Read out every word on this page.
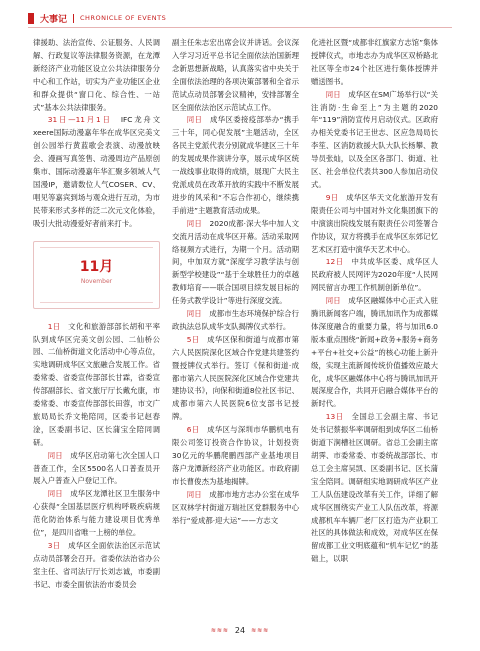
大事记 CHRONICLE OF EVENTS

律援助、法治宣传、公证服务、人民调解、行政复议等法律服务资源，在龙潭新经济产业功能区设立公共法律服务分中心和工作站，切实为产业功能区企业和群众提供“窗口化、综合性、一站式”基本公共法律服务。

31日—11月1日　 IFC龙舟文xeere国际动漫嘉年华在成华区完美文创公园举行黄蓝歌会表演、动漫放映会、漫画写真签售、动漫周边产品原创集市、国际动漫嘉年华汇聚多领域人气国漫IP，邀请数位人气COSER、CV、唱见等嘉宾到场与观众进行互动，为市民带来形式多样的泛二次元文化体验，吸引大批动漫爱好者前来打卡。

11月
November

1日　 文化和旅游部部长胡和平率队到成华区完美文创公园、二仙桥公园、二仙桥街道文化活动中心等点位，实地调研成华区文旅融合发展工作。省委常委、省委宣传部部长甘霖，省委宣传部副部长、省文旅厅厅长戴允康，市委常委、市委宣传部部长田蓉，市文广旅局局长乔文艳陪同，区委书记赵春淦，区委副书记、区长蒲宝全陪同调研。

同日　 成华区启动第七次全国人口普查工作，全区5500名人口普查员开展入户普查入户登记工作。

同日　 成华区龙潭社区卫生服务中心获得“全国基层医疗机构呼吸疾病规范化防治体系与能力建设项目优秀单位”，是四川省唯一上榜的单位。

3日　 成华区全面依法治区示范试点动员部署会召开。省委依法治省办公室主任、省司法厅厅长刘志诚，市委副书记、市委全面依法治市委员会

副主任朱志宏出席会议并讲话。会议深入学习习近平总书记全面依法治国新理念新思想新战略，认真落实省中央关于全面依法治理的各项决策部署和全省示范试点动员部署会议精神，安排部署全区全面依法治区示范试点工作。

同日　 成华区委接疫部举办“携手三十年，同心促发展”主题活动，全区各民主党派代表分别就成华建区三十年的发展成果作演讲分享，展示成华区统一战线事业取得的成绩，展现广大民主党派成员在改革开放的实践中不断发展进步的风采和“不忘合作初心，继续携手前进”主题教育活动成果。

同日　 2020成都·深大华中加人文交流月活动在成华区开幕。活动采取网络视频方式进行，为期一个月。活动期间，中加双方就“深度学习教学法与创新型学校建设”“基于全球胜任力的卓越教师培育——联合国项目续发展目标的任务式教学设计”等进行深度交流。

同日　 成都市生态环境保护综合行政执法总队成华支队揭牌仪式举行。

5日　 成华区保和街道与成都市第六人民医院深化区域合作党建共建签约暨授牌仪式举行。签订《保和街道·成都市第六人民医院深化区域合作党建共建协议书》，向保和街道8位社区书记、成都市第六人民医院6位支部书记授牌。

6日　 成华区与深圳市华鹏机电有限公司签订投资合作协议，计划投资30亿元的华鹏爬鹏西部产业基地项目落户龙潭新经济产业功能区。市政府副市长曹俊杰为基地揭牌。

同日　 成都市地方志办公室在成华区双林学村街道万瑞社区党群服务中心举行“爱成都·迎大运”——方志文

化进社区暨“成都非红旗家方志馆”集体授牌仪式，市地志办为成华区双桥路北社区等全市24个社区进行集体授牌并赠送图书。

同日　 成华区在SM广场举行以“关注消防·生命至上”为主题的2020年“119”消防宣传月启动仪式。区政府办相关党委书记王世志、区应急局局长李笙、区消防救援大队大队长杨攀、教导员张灿，以及全区各部门、街道、社区、社会单位代表共300人参加启动仪式。

9日　 成华区华天文化旅游开发有限责任公司与中国对外文化集团旗下的中演演出院线发展有限责任公司签署合作协议，双方将携手在成华区东郊记忆艺术区打造中演华天艺术中心。

12日　 中共成华区委、成华区人民政府被人民网评为2020年度“人民网网民留言办理工作机制创新单位”。

同日　 成华区融媒体中心正式入驻腾讯新闻客户端，腾讯加讯作为成都媒体深度融合的重要力量，将与加讯6.0版本重点围绕“新闻+政务+服务+商务+平台+社交+公益”的核心功能上新升级，实现主流新闻传统价值播效应最大化，成华区融媒体中心将与腾讯加讯开展深度合作，共同开启融合媒体平台的新时代。

13日　 全国总工会副主席、书记处书记蔡振华率调研组到成华区二仙桥街道下涧槽社区调研。省总工会副主席胡霁、市委常委、市委统战部部长、市总工会主席吴凯、区委副书记、区长蒲宝全陪同。调研组实地调研成华区产业工人队伍建设改革有关工作，详细了解成华区围绕实产业工人队伍改革，将源成都机车车辆厂老厂区打造为产业职工社区的具体做法和成效，对成华区在保留成都工业文明底蕴和“机车记忆”的基础上，以职

≋≋≋ 24 ≋≋≋
